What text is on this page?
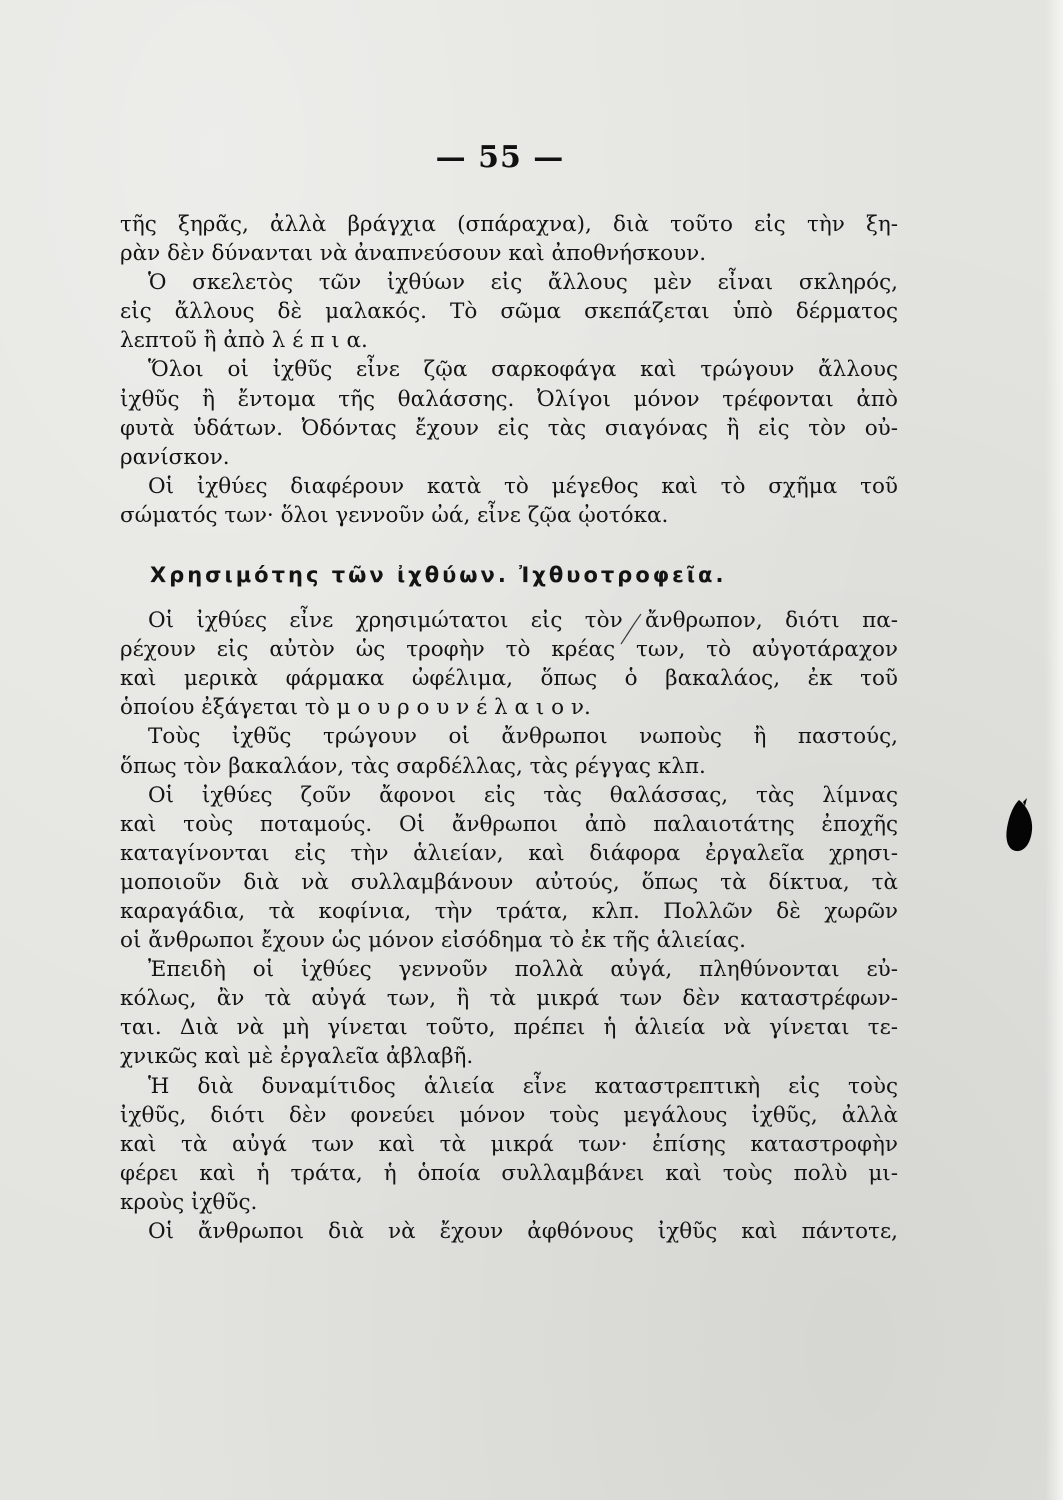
— 55 —
τῆς ξηρᾶς, ἀλλὰ βράγχια (σπάραχνα), διὰ τοῦτο εἰς τὴν ξη-
ρὰν δὲν δύνανται νὰ ἀναπνεύσουν καὶ ἀποθνήσκουν.
Ὁ σκελετὸς τῶν ἰχθύων εἰς ἄλλους μὲν εἶναι σκληρός,
εἰς ἄλλους δὲ μαλακός. Τὸ σῶμα σκεπάζεται ὑπὸ δέρματος
λεπτοῦ ἢ ἀπὸ λ έ π ι α.
Ὅλοι οἱ ἰχθῦς εἶνε ζῷα σαρκοφάγα καὶ τρώγουν ἄλλους
ἰχθῦς ἢ ἔντομα τῆς θαλάσσης. Ὀλίγοι μόνον τρέφονται ἀπὸ
φυτὰ ὑδάτων. Ὀδόντας ἔχουν εἰς τὰς σιαγόνας ἢ εἰς τὸν οὐ-
ρανίσκον.
Οἱ ἰχθύες διαφέρουν κατὰ τὸ μέγεθος καὶ τὸ σχῆμα τοῦ
σώματός των· ὅλοι γεννοῦν ὠά, εἶνε ζῷα ᾠοτόκα.
Χρησιμότης τῶν ἰχθύων. Ἰχθυοτροφεῖα.
Οἱ ἰχθύες εἶνε χρησιμώτατοι εἰς τὸν ἄνθρωπον, διότι πα-
ρέχουν εἰς αὐτὸν ὡς τροφὴν τὸ κρέας των, τὸ αὐγοτάραχον
καὶ μερικὰ φάρμακα ὠφέλιμα, ὅπως ὁ βακαλάος, ἐκ τοῦ
ὁποίου ἐξάγεται τὸ μ ο υ ρ ο υ ν έ λ α ι ο ν.
Τοὺς ἰχθῦς τρώγουν οἱ ἄνθρωποι νωποὺς ἢ παστούς,
ὅπως τὸν βακαλάον, τὰς σαρδέλλας, τὰς ρέγγας κλπ.
Οἱ ἰχθύες ζοῦν ἄφονοι εἰς τὰς θαλάσσας, τὰς λίμνας
καὶ τοὺς ποταμούς. Οἱ ἄνθρωποι ἀπὸ παλαιοτάτης ἐποχῆς
καταγίνονται εἰς τὴν ἁλιείαν, καὶ διάφορα ἐργαλεῖα χρησι-
μοποιοῦν διὰ νὰ συλλαμβάνουν αὐτούς, ὅπως τὰ δίκτυα, τὰ
καραγάδια, τὰ κοφίνια, τὴν τράτα, κλπ. Πολλῶν δὲ χωρῶν
οἱ ἄνθρωποι ἔχουν ὡς μόνον εἰσόδημα τὸ ἐκ τῆς ἁλιείας.
Ἐπειδὴ οἱ ἰχθύες γεννοῦν πολλὰ αὐγά, πληθύνονται εὐ-
κόλως, ἂν τὰ αὐγά των, ἢ τὰ μικρά των δὲν καταστρέφων-
ται. Διὰ νὰ μὴ γίνεται τοῦτο, πρέπει ἡ ἁλιεία νὰ γίνεται τε-
χνικῶς καὶ μὲ ἐργαλεῖα ἀβλαβῆ.
Ἡ διὰ δυναμίτιδος ἁλιεία εἶνε καταστρεπτικὴ εἰς τοὺς
ἰχθῦς, διότι δὲν φονεύει μόνον τοὺς μεγάλους ἰχθῦς, ἀλλὰ
καὶ τὰ αὐγά των καὶ τὰ μικρά των· ἐπίσης καταστροφὴν
φέρει καὶ ἡ τράτα, ἡ ὁποία συλλαμβάνει καὶ τοὺς πολὺ μι-
κροὺς ἰχθῦς.
Οἱ ἄνθρωποι διὰ νὰ ἔχουν ἀφθόνους ἰχθῦς καὶ πάντοτε,
